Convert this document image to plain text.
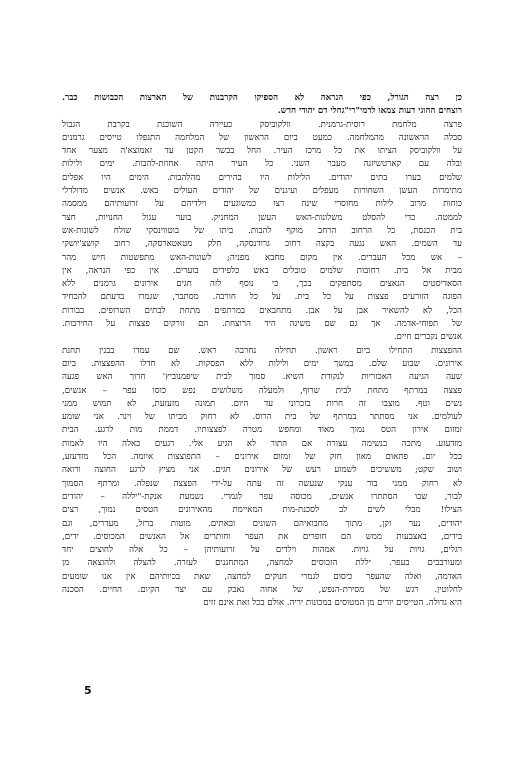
כן רצה הגורל, כפי הנראה לא הספיקו הקרבנות של הארצות הכבושות כבר.
רוצחים ההוגי דעות צמאו לדמי"רי"גחלי דם יהודי חדש.
פרצה מלחמת רוסית-גרמנית. וולקוביסק כעיירה השוכנת בקרבת הגבול
סבלה הראשונה מהמלחמה. כמעט ביום הראשון של המלחמה התנפלו טייסים גרמנים
על וולקוביסק הציתו את כל מרכז העיר. החל בבשר הקטן עד זאמוצא'ה מצער אחד
ובלה עם קארטשיזנה מעבר השני. כל העיר היתה אחוזת-להבות. ימים ולילות
שלמים בערו בתים יהודים. הלילות היו בהירים מהלהבות. הימים היו אפלים
מתימרות העשן השחורות מעפלים ועיגנים של יהודים העולים באש. אנשים מדולדלי
כוחות מרוב לילות מחוסרי שינה רצו כמשוגעים וילדיהם על זרועותיהם ממסמה
לממטה. כדי להסלט משלונות-האש העשן המחניק. בוער עגול החנויות, חצר
בית הכנסת, כל הרחוב הרחב מוקף להבות. ביתו של בוטווינסקי שולח לשונות-אש
עד השמים. האש נגעה בקצה רחוב גרודנסקה, חלק מטאטארסקה, רחוב קושצ'יושקי
– אש מכל העברים. אין מקום מחבא מפניה; לשונות-האש מתפשטות חיש מהר
מבית אל בית. רחובות שלמים טובלים באש כלפידים בוערים. אין כפי הנראה, אין
הסאדיסטים הנאצים מסתפקים בכך, כי נוסף לזה חגים אירונים גרמנים ללא
הפוגה הזורעים פצצות על כל בית. על כל חורבה. מסתבר, שגמרו בדעתם להכחיד
הכל, לא להשאיר אבן על אבן. מתחבאים במרתפים מתחת לבתים השרופים. בבורות
של תפוחי-אדמה. אך גם שם משיגה היד הרוצחת. הם זורקים פצצות על החירבות.
אנשים נקברים חיים.
ההפצצות התחילו ביום ראשון. תחילה נחרבה ראש. שם עמדו בבנין תחנת
אירונים. שבוע שלם. במשך ימים ולילות ללא הפסקות. לא חדלו ההפצצות. ביום
שעה הגיעה האכזריות לנקודת השיא. סמוך לבית שיפמנוביץ' חרוך האש פגעה
פצצה במרתף מתחת לבית שרוף, ולמעלה משלושים נפש כוסו עפר – אנשים,
נשים וטף. מוצבו זה חרות בזכרוני עד היום. תמונה מזעזעת, לא תמוש ממני
לעולמים. אני מסתתר במרתף של בית הרוס. לא רחוק מביתו של וינר. אני שומע
זמזום אירון הטס נמוך מאוד ומחפש מטרה לפצצותיו. דממת מות לרגע. הבית
מזדעזע. מתכה בנשימה עצורה אם התור לא הגיע אלי. רגעים כאלה היו לאמות
בכל יום. פתאום מאון חזק של זמזום אירונים – התפוצצות איומה. הכל מזדעזע,
ושוב שקט; מששיכים לשמוע רעש של אירונים חגים. אני מציץ לרגע החוצה ורואה
לא רחוק ממני בור ענקי שנעשה זה עתה על-ידי הפצצה שנפלה. ומרתף הסמוך
לבור, שבו הסתתרו אנשים, מכוסה עפר לגמרי. נשמעת אנקת-"יללה – יהודים
הצילו! מבלי לשים לב לסכנת-מות המאיימת מהאירונים הטסים נמוך, רצים
יהודים, נער זקן, מתוך מחבואיהם השונים ובאתים. מוטות ברזל, מעדרים, וגם
בידים, באצבעות ממש הם חופרים את העפר וחותרים אל האנשים המכוסים. ידים,
רגלים, גויות על גויות. אמהות וילדים על זרועותיהן – כל אלה לחוצים יחד
ומעורבבים בעפר. יללת הזכוסים למחצה, המתחננים לעזרה. להצלה ולהוצאה מן
האדמה, ואלה שהעפר כיסום לגמרי חנוקים למחצה, שאת בכיותיהם אין אנו שומעים
לחלוטין. רגש של מסירת-הנפש, של אחוה נאבק עם יצר הקיום. החיים. הסכנה
היא גדולה. הטייסים יורים מן המטוסים במכונות יריה. אולם בכל זאת אינם זזים
5
